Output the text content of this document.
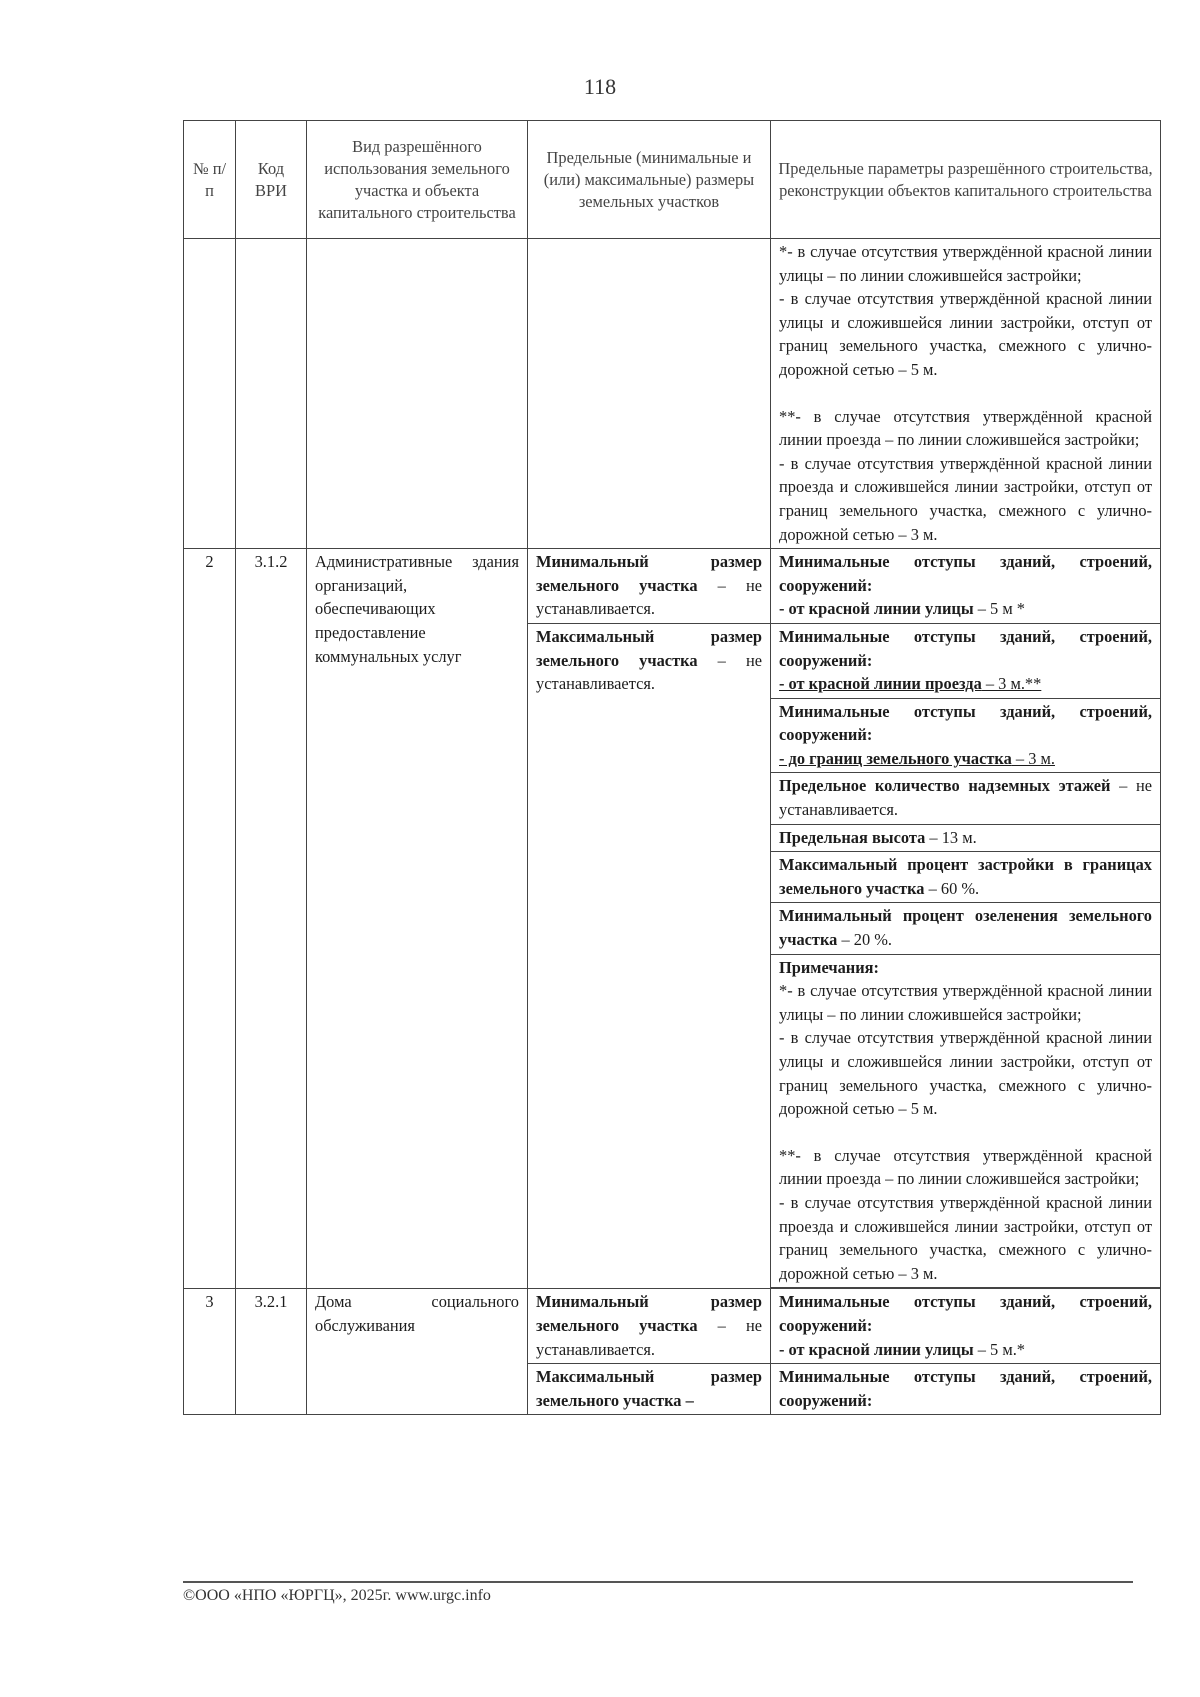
118
№ п/п	Код ВРИ	Вид разрешённого использования земельного участка и объекта капитального строительства	Предельные (минимальные и (или) максимальные) размеры земельных участков	Предельные параметры разрешённого строительства, реконструкции объектов капитального строительства

				*- в случае отсутствия утверждённой красной линии улицы – по линии сложившейся застройки;
- в случае отсутствия утверждённой красной линии улицы и сложившейся линии застройки, отступ от границ земельного участка, смежного с улично-дорожной сетью – 5 м.
**- в случае отсутствия утверждённой красной линии проезда – по линии сложившейся застройки;
- в случае отсутствия утверждённой красной линии проезда и сложившейся линии застройки, отступ от границ земельного участка, смежного с улично-дорожной сетью – 3 м.

2	3.1.2	Административные здания организаций, обеспечивающих предоставление коммунальных услуг	Минимальный размер земельного участка – не устанавливается.	Минимальные отступы зданий, строений, сооружений:
- от красной линии улицы – 5 м *

			Максимальный размер земельного участка – не устанавливается.	Минимальные отступы зданий, строений, сооружений:
- от красной линии проезда – 3 м.**

				Минимальные отступы зданий, строений, сооружений:
- до границ земельного участка – 3 м.

				Предельное количество надземных этажей – не устанавливается.
				Предельная высота – 13 м.
				Максимальный процент застройки в границах земельного участка – 60 %.
				Минимальный процент озеленения земельного участка – 20 %.

				Примечания:
*- в случае отсутствия утверждённой красной линии улицы – по линии сложившейся застройки;
- в случае отсутствия утверждённой красной линии улицы и сложившейся линии застройки, отступ от границ земельного участка, смежного с улично-дорожной сетью – 5 м.
**- в случае отсутствия утверждённой красной линии проезда – по линии сложившейся застройки;
- в случае отсутствия утверждённой красной линии проезда и сложившейся линии застройки, отступ от границ земельного участка, смежного с улично-дорожной сетью – 3 м.

3	3.2.1	Дома социального обслуживания	Минимальный размер земельного участка – не устанавливается.	Минимальные отступы зданий, строений, сооружений:
- от красной линии улицы – 5 м.*

			Максимальный размер земельного участка –	Минимальные отступы зданий, строений, сооружений:
©ООО «НПО «ЮРГЦ», 2025г. www.urgc.info
